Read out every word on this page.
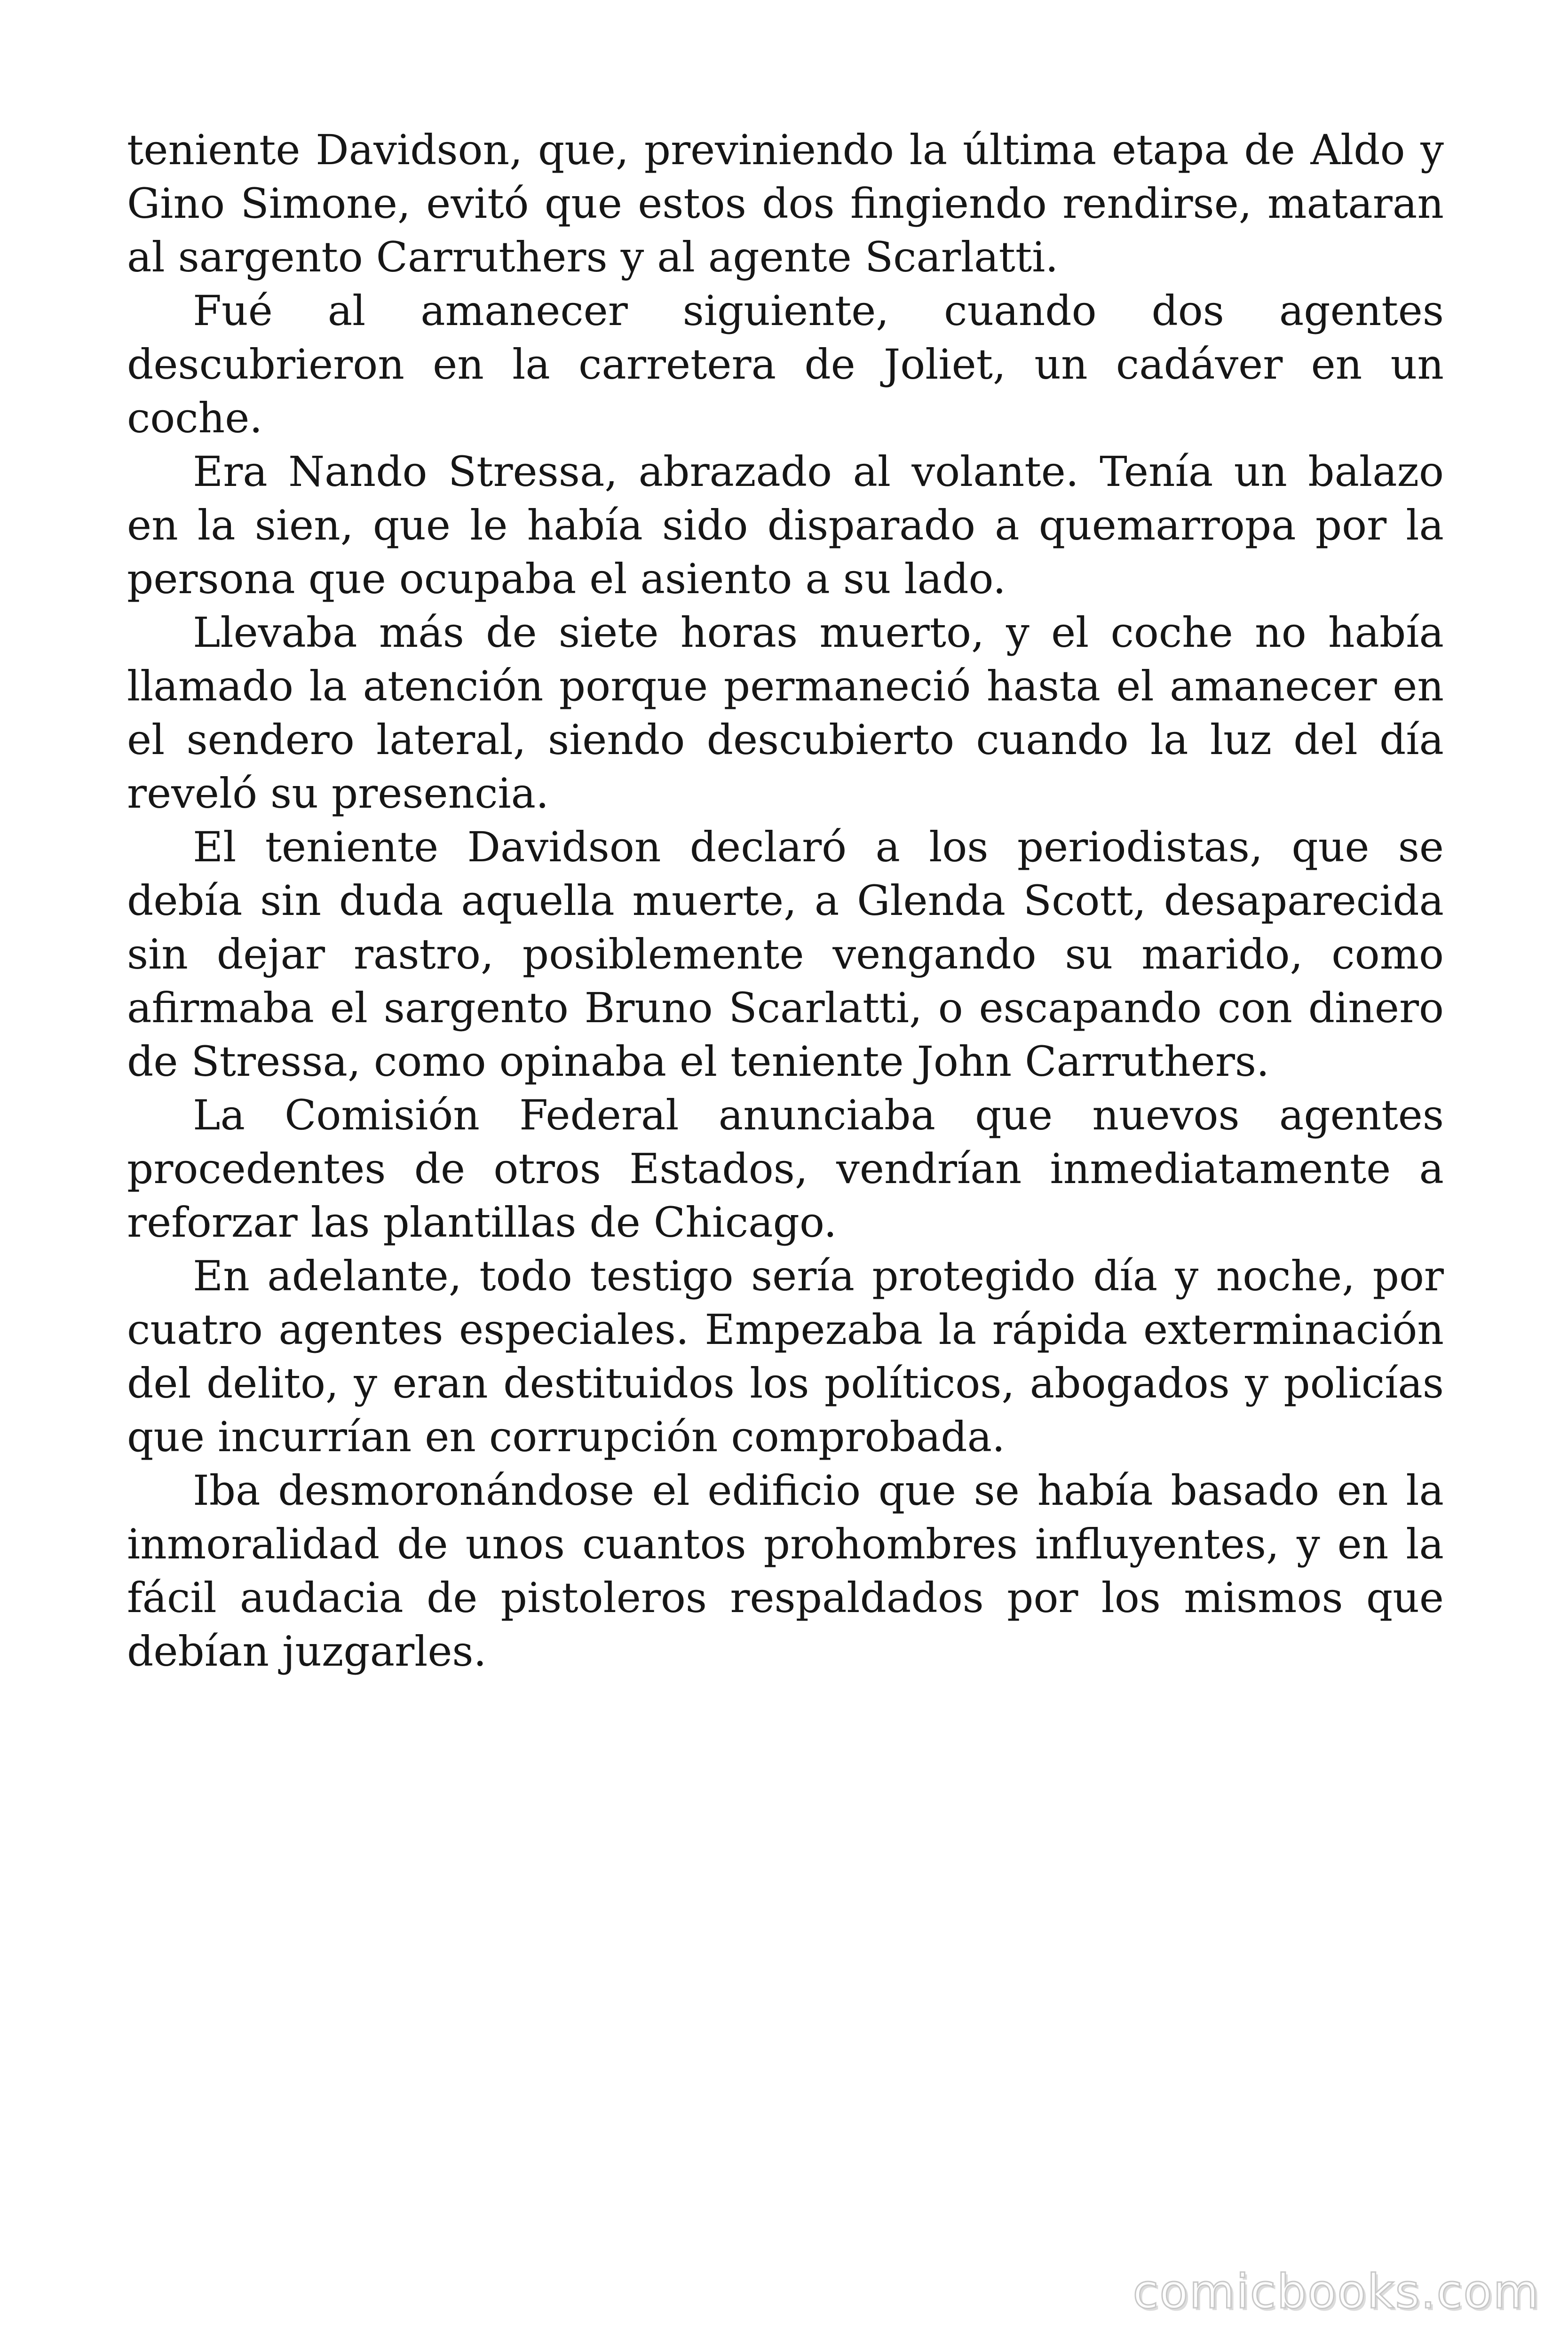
teniente Davidson, que, previniendo la última etapa de Aldo y Gino Simone, evitó que estos dos fingiendo rendirse, mataran al sargento Carruthers y al agente Scarlatti.

Fué al amanecer siguiente, cuando dos agentes descubrieron en la carretera de Joliet, un cadáver en un coche.

Era Nando Stressa, abrazado al volante. Tenía un balazo en la sien, que le había sido disparado a quemarropa por la persona que ocupaba el asiento a su lado.

Llevaba más de siete horas muerto, y el coche no había llamado la atención porque permaneció hasta el amanecer en el sendero lateral, siendo descubierto cuando la luz del día reveló su presencia.

El teniente Davidson declaró a los periodistas, que se debía sin duda aquella muerte, a Glenda Scott, desaparecida sin dejar rastro, posiblemente vengando su marido, como afirmaba el sargento Bruno Scarlatti, o escapando con dinero de Stressa, como opinaba el teniente John Carruthers.

La Comisión Federal anunciaba que nuevos agentes procedentes de otros Estados, vendrían inmediatamente a reforzar las plantillas de Chicago.

En adelante, todo testigo sería protegido día y noche, por cuatro agentes especiales. Empezaba la rápida exterminación del delito, y eran destituidos los políticos, abogados y policías que incurrían en corrupción comprobada.

Iba desmoronándose el edificio que se había basado en la inmoralidad de unos cuantos prohombres influyentes, y en la fácil audacia de pistoleros respaldados por los mismos que debían juzgarles.

comicbooks.com
